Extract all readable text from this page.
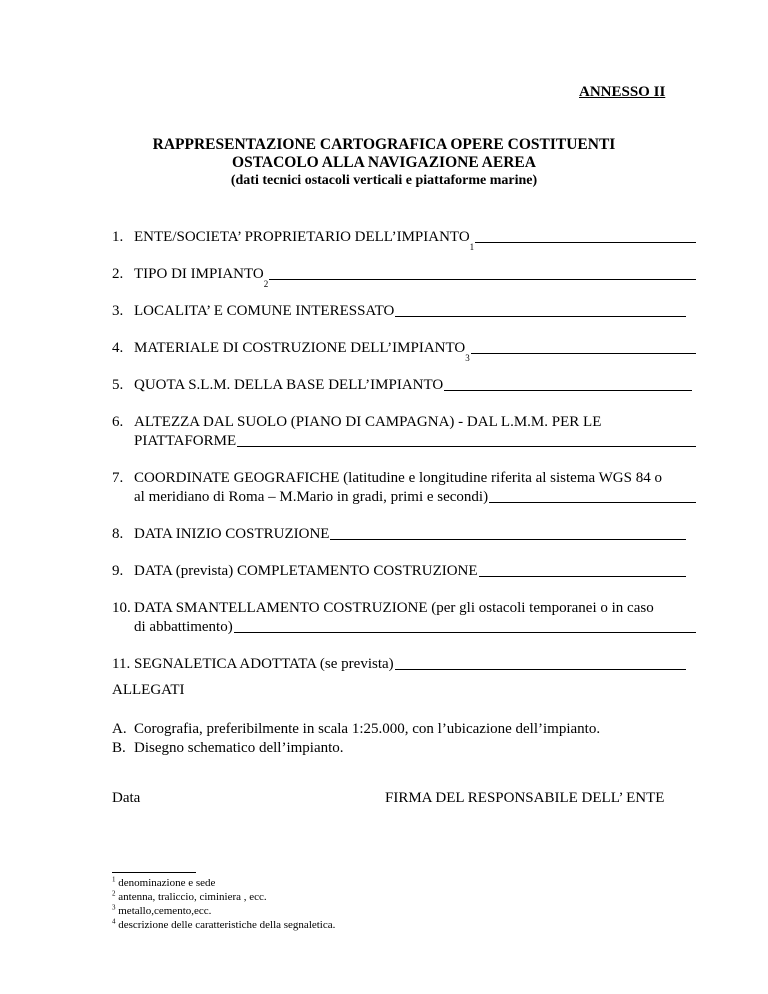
ANNESSO II
RAPPRESENTAZIONE CARTOGRAFICA OPERE COSTITUENTI
OSTACOLO ALLA NAVIGAZIONE AEREA
(dati tecnici ostacoli verticali e piattaforme marine)
1. ENTE/SOCIETA’ PROPRIETARIO DELL’IMPIANTO
1
2. TIPO DI IMPIANTO
2
3. LOCALITA’ E COMUNE INTERESSATO
4. MATERIALE DI COSTRUZIONE DELL’IMPIANTO
3
5. QUOTA S.L.M. DELLA BASE DELL’IMPIANTO
6. ALTEZZA DAL SUOLO (PIANO DI CAMPAGNA) - DAL L.M.M. PER LE
PIATTAFORME
7. COORDINATE GEOGRAFICHE (latitudine e longitudine riferita al sistema WGS 84 o
al meridiano di Roma – M.Mario in gradi, primi e secondi)
8. DATA INIZIO COSTRUZIONE
9. DATA (prevista) COMPLETAMENTO COSTRUZIONE
10. DATA SMANTELLAMENTO COSTRUZIONE (per gli ostacoli temporanei o in caso
di abbattimento)
11. SEGNALETICA ADOTTATA (se prevista)
ALLEGATI
A. Corografia, preferibilmente in scala 1:25.000, con l’ubicazione dell’impianto.
B. Disegno schematico dell’impianto.
Data	FIRMA DEL RESPONSABILE DELL’ ENTE
$^1$ denominazione e sede
$^2$ antenna, traliccio, ciminiera , ecc.
$^3$ metallo,cemento,ecc.
$^4$ descrizione delle caratteristiche della segnaletica.
